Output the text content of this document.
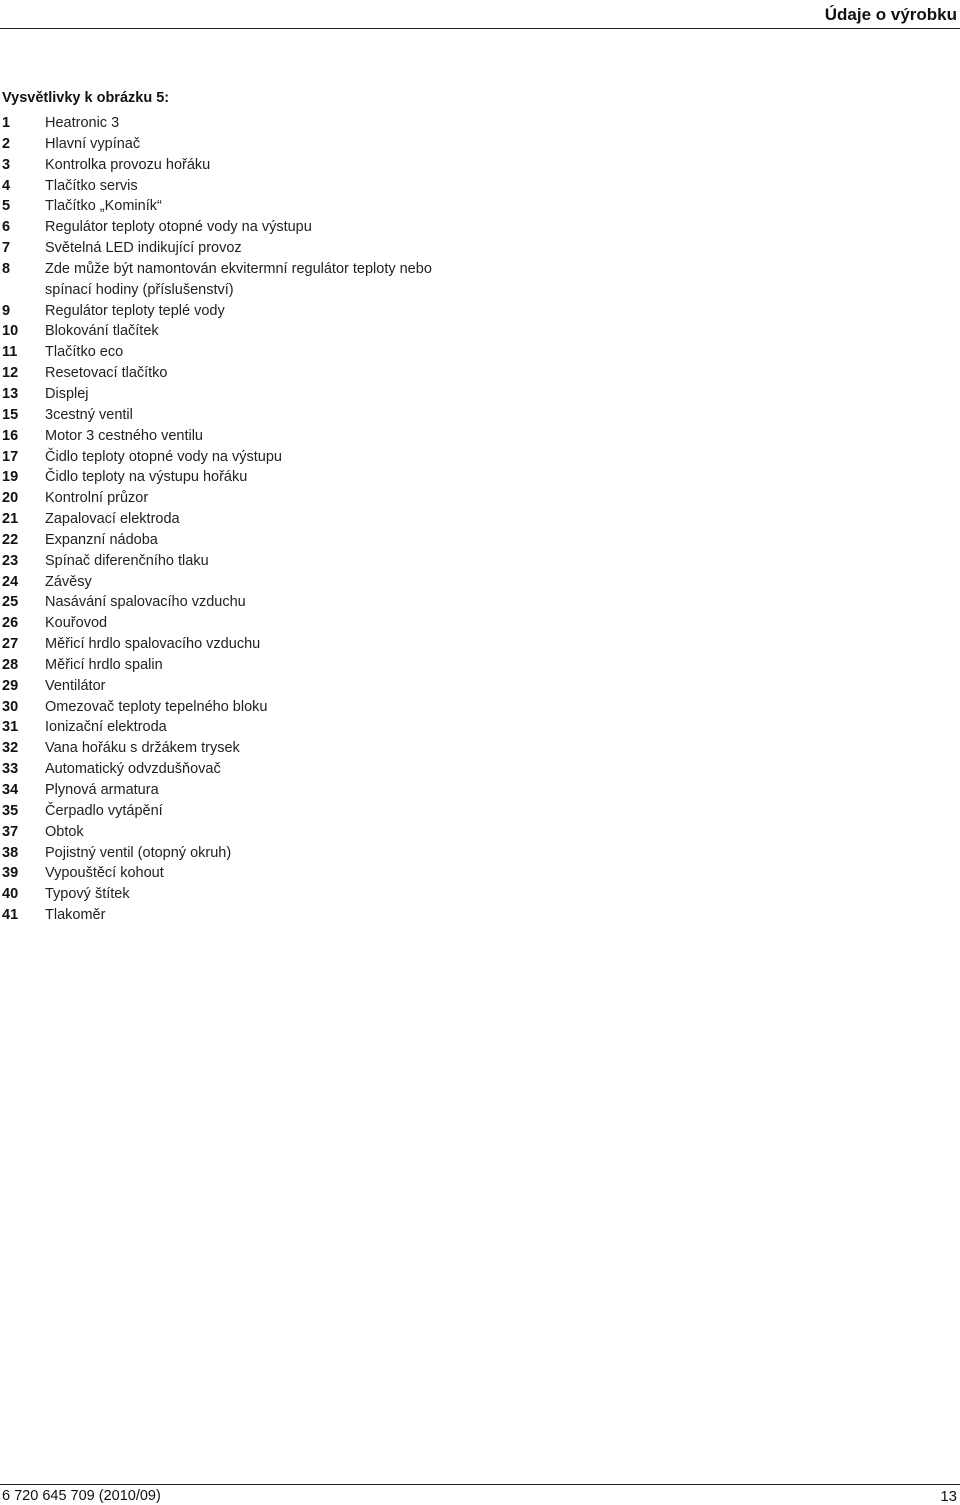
Údaje o výrobku
Vysvětlivky k obrázku 5:
1	Heatronic 3
2	Hlavní vypínač
3	Kontrolka provozu hořáku
4	Tlačítko servis
5	Tlačítko „Kominík“
6	Regulátor teploty otopné vody na výstupu
7	Světelná LED indikující provoz
8	Zde může být namontován ekvitermní regulátor teploty nebo spínací hodiny (příslušenství)
9	Regulátor teploty teplé vody
10	Blokování tlačítek
11	Tlačítko eco
12	Resetovací tlačítko
13	Displej
15	3cestný ventil
16	Motor 3 cestného ventilu
17	Čidlo teploty otopné vody na výstupu
19	Čidlo teploty na výstupu hořáku
20	Kontrolní průzor
21	Zapalovací elektroda
22	Expanzní nádoba
23	Spínač diferenčního tlaku
24	Závěsy
25	Nasávání spalovacího vzduchu
26	Kouřovod
27	Měřicí hrdlo spalovacího vzduchu
28	Měřicí hrdlo spalin
29	Ventilátor
30	Omezovač teploty tepelného bloku
31	Ionizační elektroda
32	Vana hořáku s držákem trysek
33	Automatický odvzdušňovač
34	Plynová armatura
35	Čerpadlo vytápění
37	Obtok
38	Pojistný ventil (otopný okruh)
39	Vypouštěcí kohout
40	Typový štítek
41	Tlakoměr
6 720 645 709 (2010/09)	13
